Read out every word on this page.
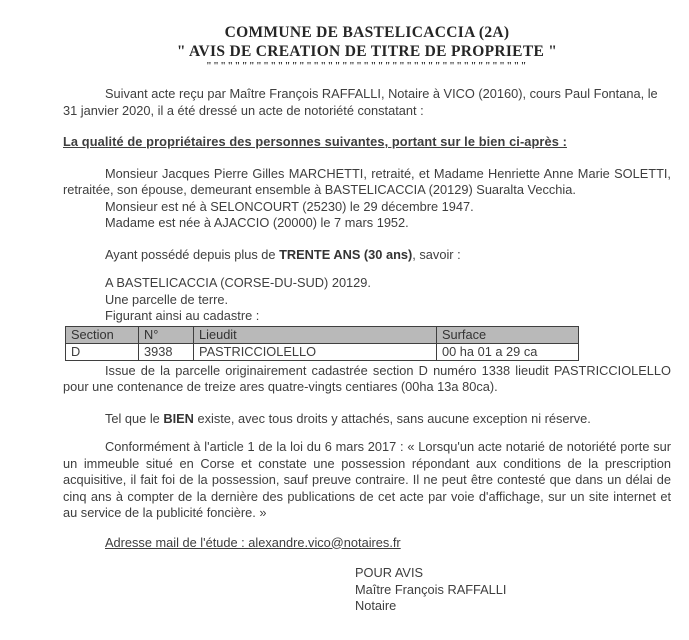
COMMUNE DE BASTELICACCIA (2A)
" AVIS DE CREATION DE TITRE DE PROPRIETE "
"""""""""""""""""""""""""""""""""""""""""""""

Suivant acte reçu par Maître François RAFFALLI, Notaire à VICO (20160), cours Paul Fontana, le 31 janvier 2020, il a été dressé un acte de notoriété constatant :

La qualité de propriétaires des personnes suivantes, portant sur le bien ci-après :

Monsieur Jacques Pierre Gilles MARCHETTI, retraité, et Madame Henriette Anne Marie SOLETTI, retraitée, son épouse, demeurant ensemble à BASTELICACCIA (20129) Suaralta Vecchia.

Monsieur est né à SELONCOURT (25230) le 29 décembre 1947.

Madame est née à AJACCIO (20000) le 7 mars 1952.

Ayant possédé depuis plus de TRENTE ANS (30 ans), savoir :

A BASTELICACCIA (CORSE-DU-SUD) 20129.

Une parcelle de terre.

Figurant ainsi au cadastre :

Section	N°	Lieudit	Surface
D	3938	PASTRICCIOLELLO	00 ha 01 a 29 ca

Issue de la parcelle originairement cadastrée section D numéro 1338 lieudit PASTRICCIOLELLO pour une contenance de treize ares quatre-vingts centiares (00ha 13a 80ca).

Tel que le BIEN existe, avec tous droits y attachés, sans aucune exception ni réserve.

Conformément à l'article 1 de la loi du 6 mars 2017 : « Lorsqu'un acte notarié de notoriété porte sur un immeuble situé en Corse et constate une possession répondant aux conditions de la prescription acquisitive, il fait foi de la possession, sauf preuve contraire. Il ne peut être contesté que dans un délai de cinq ans à compter de la dernière des publications de cet acte par voie d'affichage, sur un site internet et au service de la publicité foncière. »

Adresse mail de l'étude : alexandre.vico@notaires.fr

POUR AVIS
Maître François RAFFALLI
Notaire
